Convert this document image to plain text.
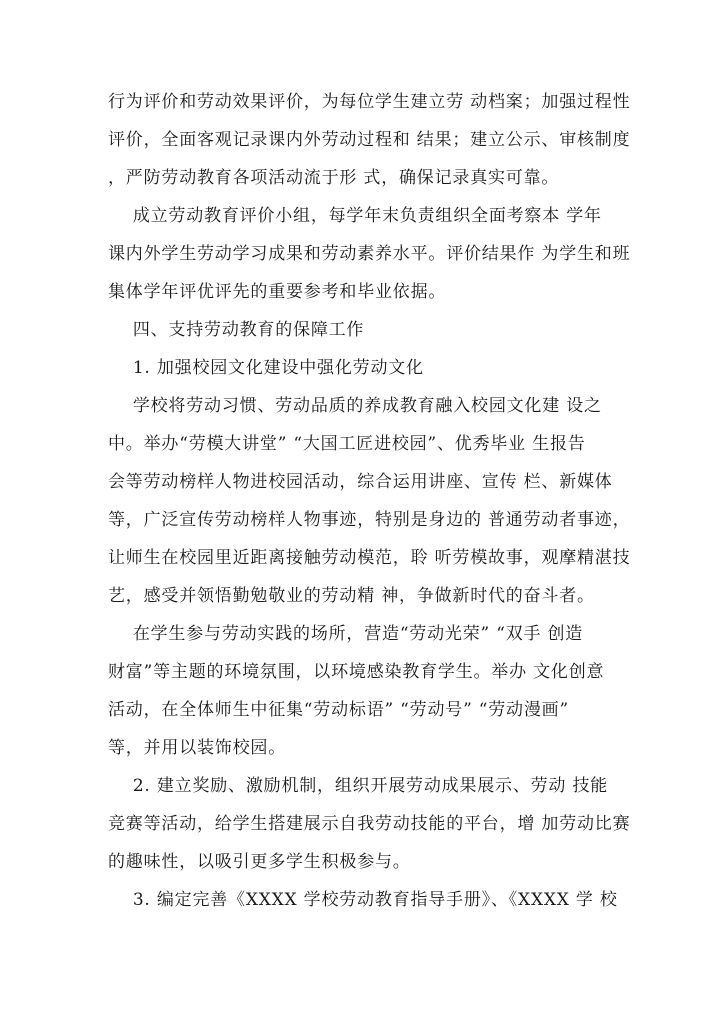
行为评价和劳动效果评价，为每位学生建立劳 动档案；加强过程性
评价，全面客观记录课内外劳动过程和 结果；建立公示、审核制度
，严防劳动教育各项活动流于形 式，确保记录真实可靠。
成立劳动教育评价小组，每学年末负责组织全面考察本 学年
课内外学生劳动学习成果和劳动素养水平。评价结果作 为学生和班
集体学年评优评先的重要参考和毕业依据。
四、支持劳动教育的保障工作
1. 加强校园文化建设中强化劳动文化
学校将劳动习惯、劳动品质的养成教育融入校园文化建 设之
中。举办“劳模大讲堂” “大国工匠进校园”、优秀毕业 生报告
会等劳动榜样人物进校园活动，综合运用讲座、宣传 栏、新媒体
等，广泛宣传劳动榜样人物事迹，特别是身边的 普通劳动者事迹，
让师生在校园里近距离接触劳动模范，聆 听劳模故事，观摩精湛技
艺，感受并领悟勤勉敬业的劳动精 神，争做新时代的奋斗者。
在学生参与劳动实践的场所，营造“劳动光荣” “双手 创造
财富”等主题的环境氛围，以环境感染教育学生。举办 文化创意
活动，在全体师生中征集“劳动标语” “劳动号” “劳动漫画”
等，并用以装饰校园。
2. 建立奖励、激励机制，组织开展劳动成果展示、劳动 技能
竞赛等活动，给学生搭建展示自我劳动技能的平台，增 加劳动比赛
的趣味性，以吸引更多学生积极参与。
3. 编定完善《XXXX 学校劳动教育指导手册》、《XXXX 学 校
